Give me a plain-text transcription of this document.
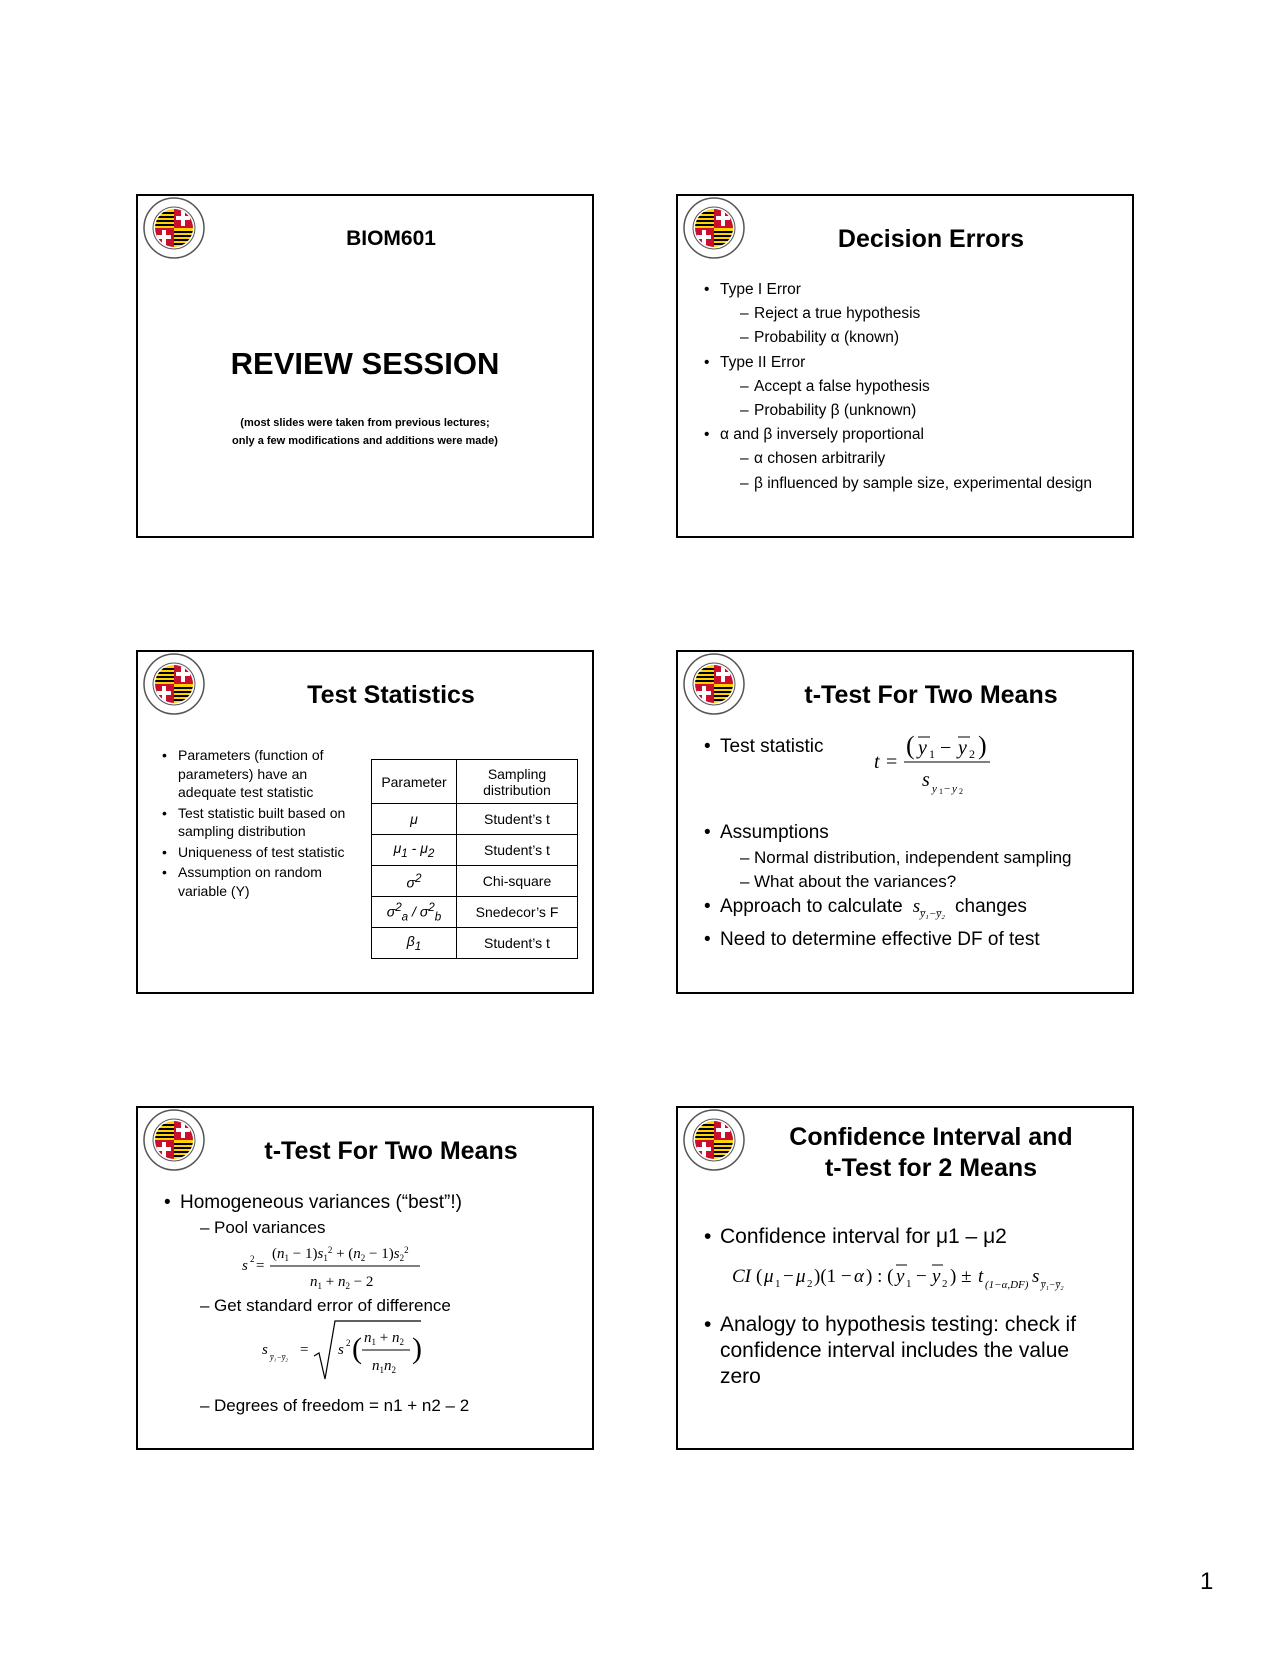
BIOM601
REVIEW SESSION
(most slides were taken from previous lectures;
only a few modifications and additions were made)
Decision Errors
• Type I Error
– Reject a true hypothesis
– Probability α (known)
• Type II Error
– Accept a false hypothesis
– Probability β (unknown)
• α and β inversely proportional
– α chosen arbitrarily
– β influenced by sample size, experimental design
Test Statistics
• Parameters (function of parameters) have an adequate test statistic
• Test statistic built based on sampling distribution
• Uniqueness of test statistic
• Assumption on random variable (Y)
Parameter	Sampling distribution
μ	Student’s t
$\mu_1 - \mu_2$	Student’s t
$\sigma^2$	Chi-square
$\sigma^2_a / \sigma^2_b$	Snedecor’s F
$\beta_1$	Student’s t
t-Test For Two Means
• Test statistic
t =
( y 1 − y 2 )
s y 1 − y 2
• Assumptions
– Normal distribution, independent sampling
– What about the variances?
• Approach to calculate  $s_{y̅_1-y̅_2}$ changes
• Need to determine effective DF of test
t-Test For Two Means
• Homogeneous variances (“best”!)
– Pool variances
s 2 =
$(n_1 - 1)s_1^2 + (n_2 - 1)s_2^2$
$n_1 + n_2 - 2$
– Get standard error of difference
s y̅₁−y̅₂ = s 2 ( $n_1 + n_2$
$n_1n_2$
)
– Degrees of freedom = n1 + n2 – 2
Confidence Interval and
t-Test for 2 Means
• Confidence interval for μ1 – μ2
CI ( μ 1 − μ 2 )(1 − α ) : ( y 1 − y 2 ) ± t (1−α,DF) s y̅₁−y̅₂
• Analogy to hypothesis testing: check if confidence interval includes the value zero
1
